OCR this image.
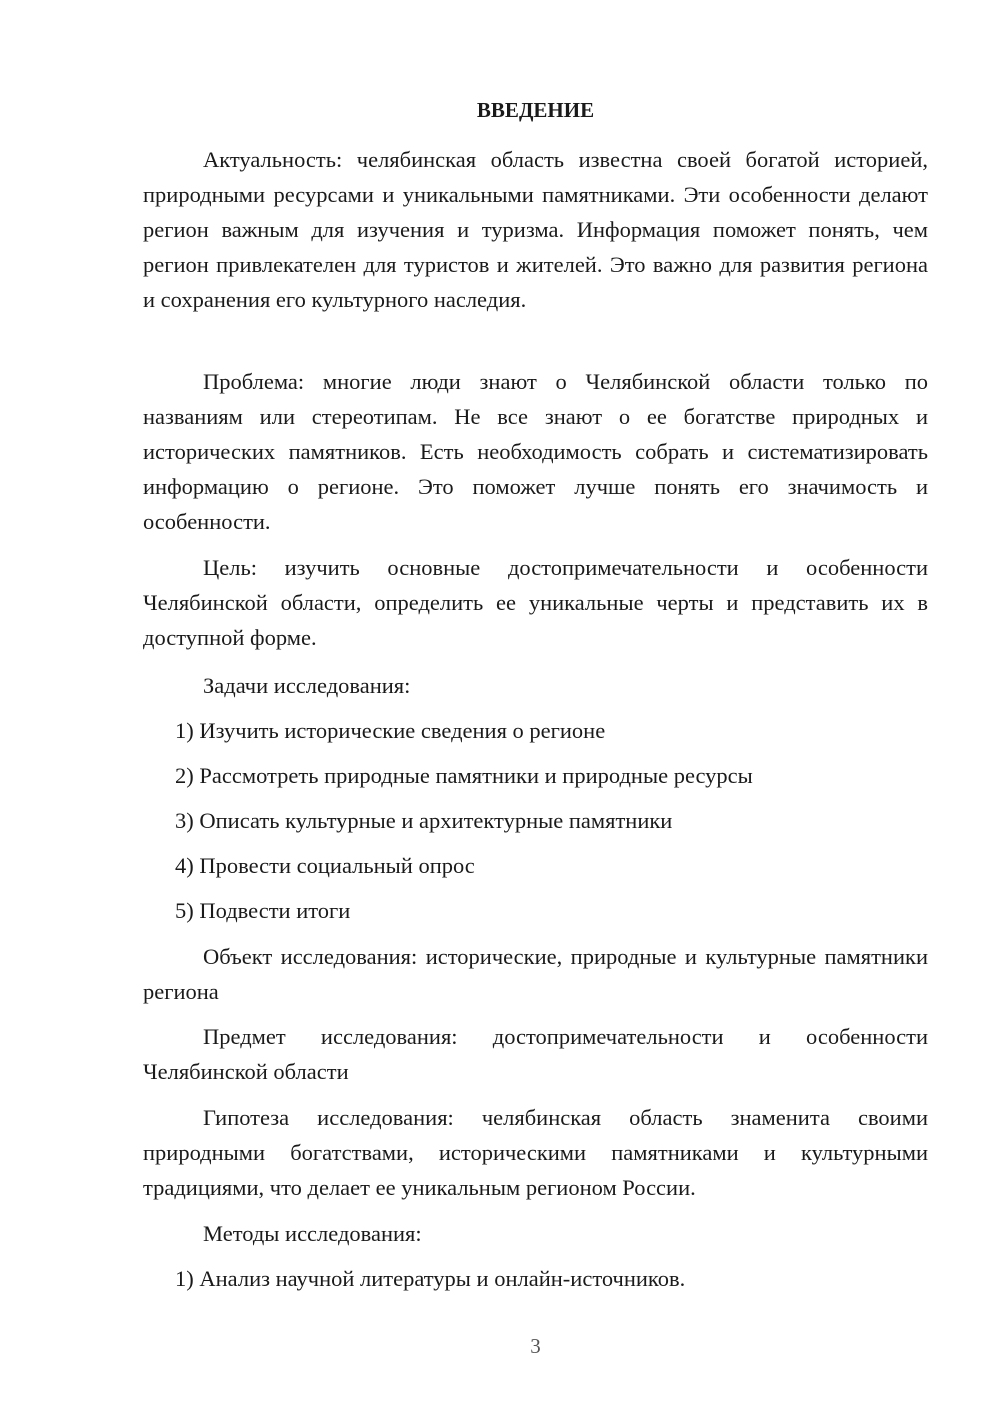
ВВЕДЕНИЕ

Актуальность: челябинская область известна своей богатой историей, природными ресурсами и уникальными памятниками. Эти особенности делают регион важным для изучения и туризма. Информация поможет понять, чем регион привлекателен для туристов и жителей. Это важно для развития региона и сохранения его культурного наследия.

Проблема: многие люди знают о Челябинской области только по названиям или стереотипам. Не все знают о ее богатстве природных и исторических памятников. Есть необходимость собрать и систематизировать информацию о регионе. Это поможет лучше понять его значимость и особенности.

Цель: изучить основные достопримечательности и особенности Челябинской области, определить ее уникальные черты и представить их в доступной форме.

Задачи исследования:

1) Изучить исторические сведения о регионе

2) Рассмотреть природные памятники и природные ресурсы

3) Описать культурные и архитектурные памятники

4) Провести социальный опрос

5) Подвести итоги

Объект исследования: исторические, природные и культурные памятники региона

Предмет исследования: достопримечательности и особенности Челябинской области

Гипотеза исследования: челябинская область знаменита своими природными богатствами, историческими памятниками и культурными традициями, что делает ее уникальным регионом России.

Методы исследования:

1) Анализ научной литературы и онлайн-источников.

3
